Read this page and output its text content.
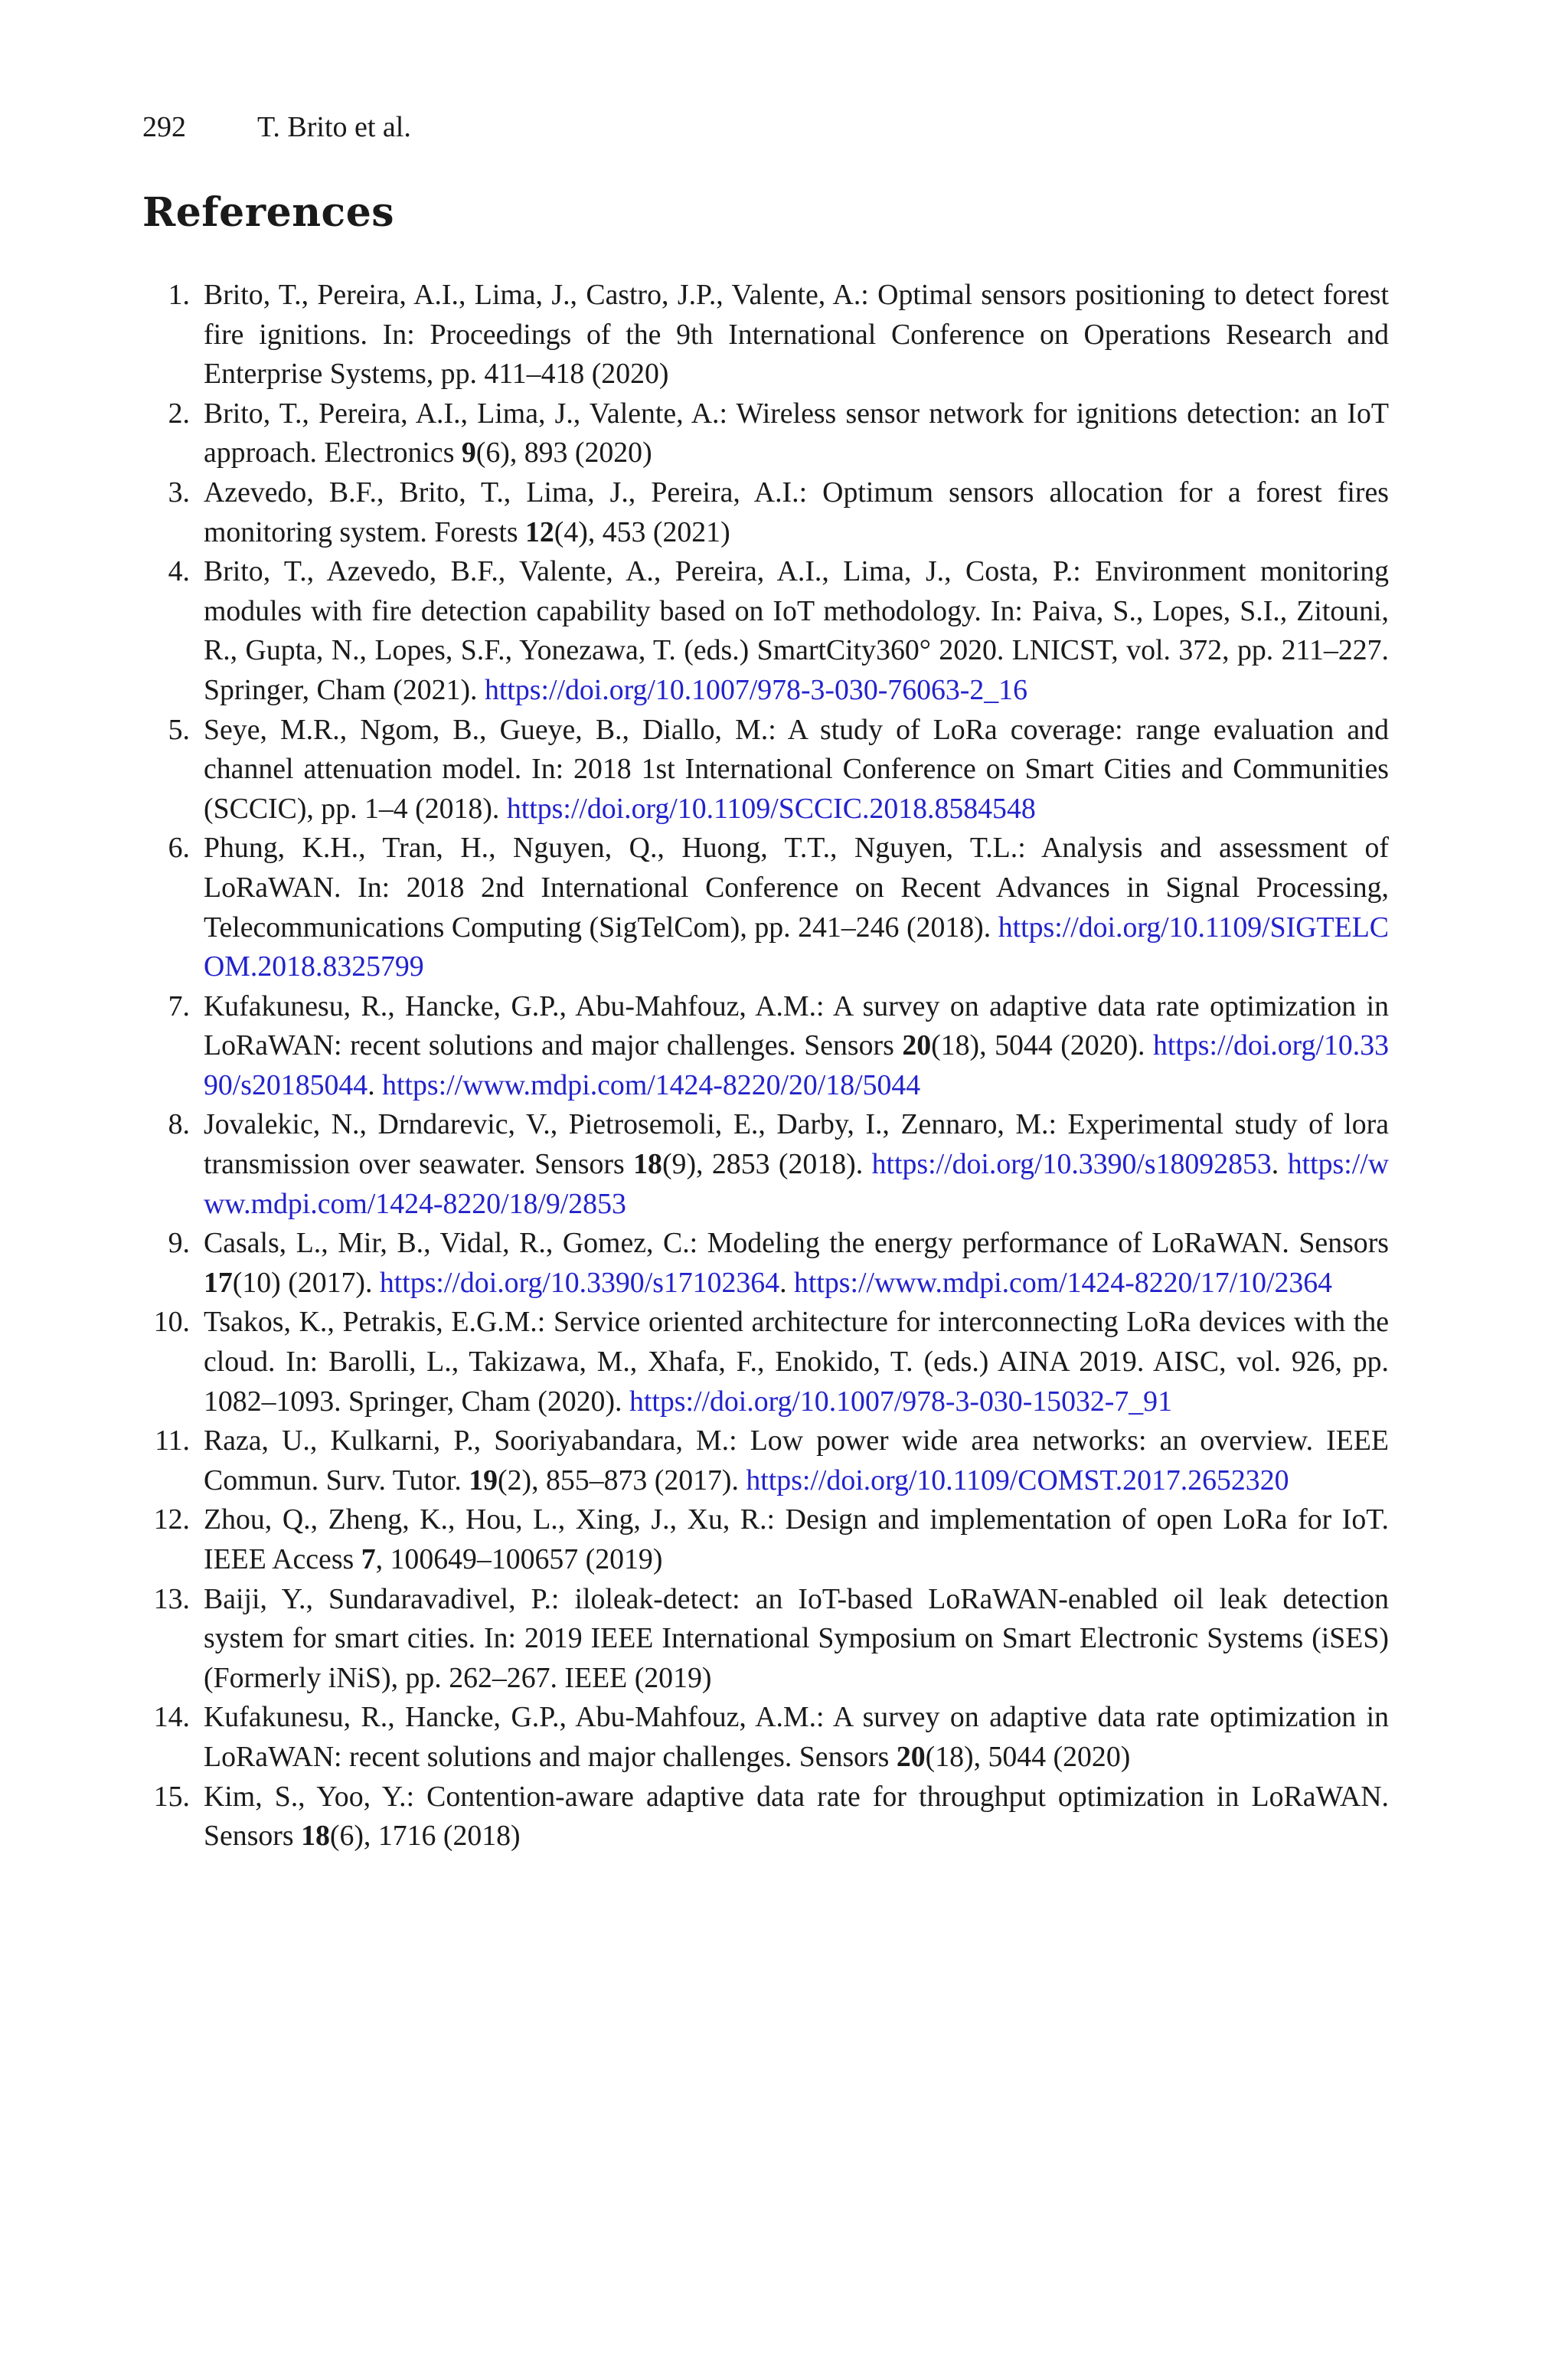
292 T. Brito et al.
References
1. Brito, T., Pereira, A.I., Lima, J., Castro, J.P., Valente, A.: Optimal sensors positioning to detect forest fire ignitions. In: Proceedings of the 9th International Conference on Operations Research and Enterprise Systems, pp. 411–418 (2020)
2. Brito, T., Pereira, A.I., Lima, J., Valente, A.: Wireless sensor network for ignitions detection: an IoT approach. Electronics 9(6), 893 (2020)
3. Azevedo, B.F., Brito, T., Lima, J., Pereira, A.I.: Optimum sensors allocation for a forest fires monitoring system. Forests 12(4), 453 (2021)
4. Brito, T., Azevedo, B.F., Valente, A., Pereira, A.I., Lima, J., Costa, P.: Environment monitoring modules with fire detection capability based on IoT methodology. In: Paiva, S., Lopes, S.I., Zitouni, R., Gupta, N., Lopes, S.F., Yonezawa, T. (eds.) SmartCity360° 2020. LNICST, vol. 372, pp. 211–227. Springer, Cham (2021). https://doi.org/10.1007/978-3-030-76063-2_16
5. Seye, M.R., Ngom, B., Gueye, B., Diallo, M.: A study of LoRa coverage: range evaluation and channel attenuation model. In: 2018 1st International Conference on Smart Cities and Communities (SCCIC), pp. 1–4 (2018). https://doi.org/10.1109/SCCIC.2018.8584548
6. Phung, K.H., Tran, H., Nguyen, Q., Huong, T.T., Nguyen, T.L.: Analysis and assessment of LoRaWAN. In: 2018 2nd International Conference on Recent Advances in Signal Processing, Telecommunications Computing (SigTelCom), pp. 241–246 (2018). https://doi.org/10.1109/SIGTELCOM.2018.8325799
7. Kufakunesu, R., Hancke, G.P., Abu-Mahfouz, A.M.: A survey on adaptive data rate optimization in LoRaWAN: recent solutions and major challenges. Sensors 20(18), 5044 (2020). https://doi.org/10.3390/s20185044. https://www.mdpi.com/1424-8220/20/18/5044
8. Jovalekic, N., Drndarevic, V., Pietrosemoli, E., Darby, I., Zennaro, M.: Experimental study of lora transmission over seawater. Sensors 18(9), 2853 (2018). https://doi.org/10.3390/s18092853. https://www.mdpi.com/1424-8220/18/9/2853
9. Casals, L., Mir, B., Vidal, R., Gomez, C.: Modeling the energy performance of LoRaWAN. Sensors 17(10) (2017). https://doi.org/10.3390/s17102364. https://www.mdpi.com/1424-8220/17/10/2364
10. Tsakos, K., Petrakis, E.G.M.: Service oriented architecture for interconnecting LoRa devices with the cloud. In: Barolli, L., Takizawa, M., Xhafa, F., Enokido, T. (eds.) AINA 2019. AISC, vol. 926, pp. 1082–1093. Springer, Cham (2020). https://doi.org/10.1007/978-3-030-15032-7_91
11. Raza, U., Kulkarni, P., Sooriyabandara, M.: Low power wide area networks: an overview. IEEE Commun. Surv. Tutor. 19(2), 855–873 (2017). https://doi.org/10.1109/COMST.2017.2652320
12. Zhou, Q., Zheng, K., Hou, L., Xing, J., Xu, R.: Design and implementation of open LoRa for IoT. IEEE Access 7, 100649–100657 (2019)
13. Baiji, Y., Sundaravadivel, P.: iloleak-detect: an IoT-based LoRaWAN-enabled oil leak detection system for smart cities. In: 2019 IEEE International Symposium on Smart Electronic Systems (iSES) (Formerly iNiS), pp. 262–267. IEEE (2019)
14. Kufakunesu, R., Hancke, G.P., Abu-Mahfouz, A.M.: A survey on adaptive data rate optimization in LoRaWAN: recent solutions and major challenges. Sensors 20(18), 5044 (2020)
15. Kim, S., Yoo, Y.: Contention-aware adaptive data rate for throughput optimization in LoRaWAN. Sensors 18(6), 1716 (2018)
